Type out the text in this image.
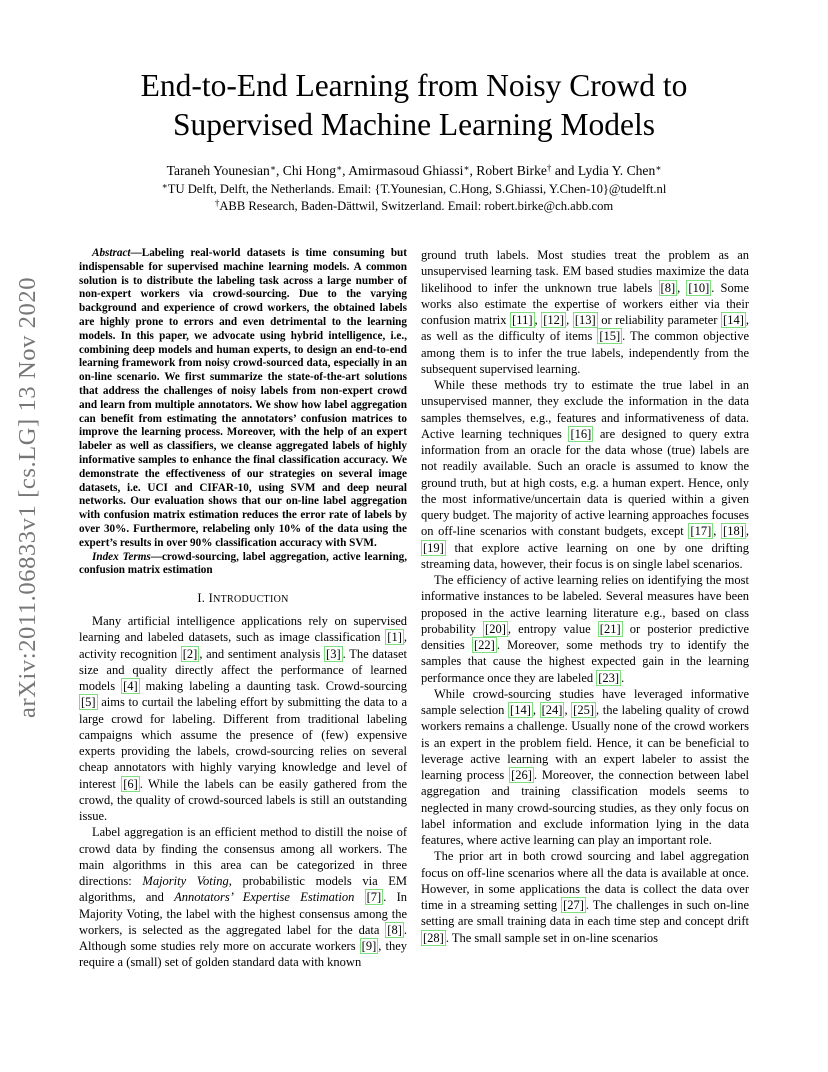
arXiv:2011.06833v1 [cs.LG] 13 Nov 2020
End-to-End Learning from Noisy Crowd to
Supervised Machine Learning Models
Taraneh Younesian∗, Chi Hong∗, Amirmasoud Ghiassi∗, Robert Birke† and Lydia Y. Chen∗
∗TU Delft, Delft, the Netherlands. Email: {T.Younesian, C.Hong, S.Ghiassi, Y.Chen-10}@tudelft.nl
†ABB Research, Baden-Dättwil, Switzerland. Email: robert.birke@ch.abb.com

Abstract—Labeling real-world datasets is time consuming but indispensable for supervised machine learning models. A common solution is to distribute the labeling task across a large number of non-expert workers via crowd-sourcing. Due to the varying background and experience of crowd workers, the obtained labels are highly prone to errors and even detrimental to the learning models. In this paper, we advocate using hybrid intelligence, i.e., combining deep models and human experts, to design an end-to-end learning framework from noisy crowd-sourced data, especially in an on-line scenario. We first summarize the state-of-the-art solutions that address the challenges of noisy labels from non-expert crowd and learn from multiple annotators. We show how label aggregation can benefit from estimating the annotators’ confusion matrices to improve the learning process. Moreover, with the help of an expert labeler as well as classifiers, we cleanse aggregated labels of highly informative samples to enhance the final classification accuracy. We demonstrate the effectiveness of our strategies on several image datasets, i.e. UCI and CIFAR-10, using SVM and deep neural networks. Our evaluation shows that our on-line label aggregation with confusion matrix estimation reduces the error rate of labels by over 30%. Furthermore, relabeling only 10% of the data using the expert’s results in over 90% classification accuracy with SVM.

Index Terms—crowd-sourcing, label aggregation, active learning, confusion matrix estimation

I. INTRODUCTION

Many artificial intelligence applications rely on supervised learning and labeled datasets, such as image classification [1] , activity recognition [2] , and sentiment analysis [3] . The dataset size and quality directly affect the performance of learned models [4] making labeling a daunting task. Crowd-sourcing [5] aims to curtail the labeling effort by submitting the data to a large crowd for labeling. Different from traditional labeling campaigns which assume the presence of (few) expensive experts providing the labels, crowd-sourcing relies on several cheap annotators with highly varying knowledge and level of interest [6] . While the labels can be easily gathered from the crowd, the quality of crowd-sourced labels is still an outstanding issue.

Label aggregation is an efficient method to distill the noise of crowd data by finding the consensus among all workers. The main algorithms in this area can be categorized in three directions: Majority Voting, probabilistic models via EM algorithms, and Annotators’ Expertise Estimation [7] . In Majority Voting, the label with the highest consensus among the workers, is selected as the aggregated label for the data [8] . Although some studies rely more on accurate workers [9] , they require a (small) set of golden standard data with known

ground truth labels. Most studies treat the problem as an unsupervised learning task. EM based studies maximize the data likelihood to infer the unknown true labels [8] , [10] . Some works also estimate the expertise of workers either via their confusion matrix [11] , [12] , [13] or reliability parameter [14] , as well as the difficulty of items [15] . The common objective among them is to infer the true labels, independently from the subsequent supervised learning.

While these methods try to estimate the true label in an unsupervised manner, they exclude the information in the data samples themselves, e.g., features and informativeness of data. Active learning techniques [16] are designed to query extra information from an oracle for the data whose (true) labels are not readily available. Such an oracle is assumed to know the ground truth, but at high costs, e.g. a human expert. Hence, only the most informative/uncertain data is queried within a given query budget. The majority of active learning approaches focuses on off-line scenarios with constant budgets, except [17] , [18] , [19] that explore active learning on one by one drifting streaming data, however, their focus is on single label scenarios.

The efficiency of active learning relies on identifying the most informative instances to be labeled. Several measures have been proposed in the active learning literature e.g., based on class probability [20] , entropy value [21] or posterior predictive densities [22] . Moreover, some methods try to identify the samples that cause the highest expected gain in the learning performance once they are labeled [23] .

While crowd-sourcing studies have leveraged informative sample selection [14] , [24] , [25] , the labeling quality of crowd workers remains a challenge. Usually none of the crowd workers is an expert in the problem field. Hence, it can be beneficial to leverage active learning with an expert labeler to assist the learning process [26] . Moreover, the connection between label aggregation and training classification models seems to neglected in many crowd-sourcing studies, as they only focus on label information and exclude information lying in the data features, where active learning can play an important role.

The prior art in both crowd sourcing and label aggregation focus on off-line scenarios where all the data is available at once. However, in some applications the data is collect the data over time in a streaming setting [27] . The challenges in such on-line setting are small training data in each time step and concept drift [28] . The small sample set in on-line scenarios
